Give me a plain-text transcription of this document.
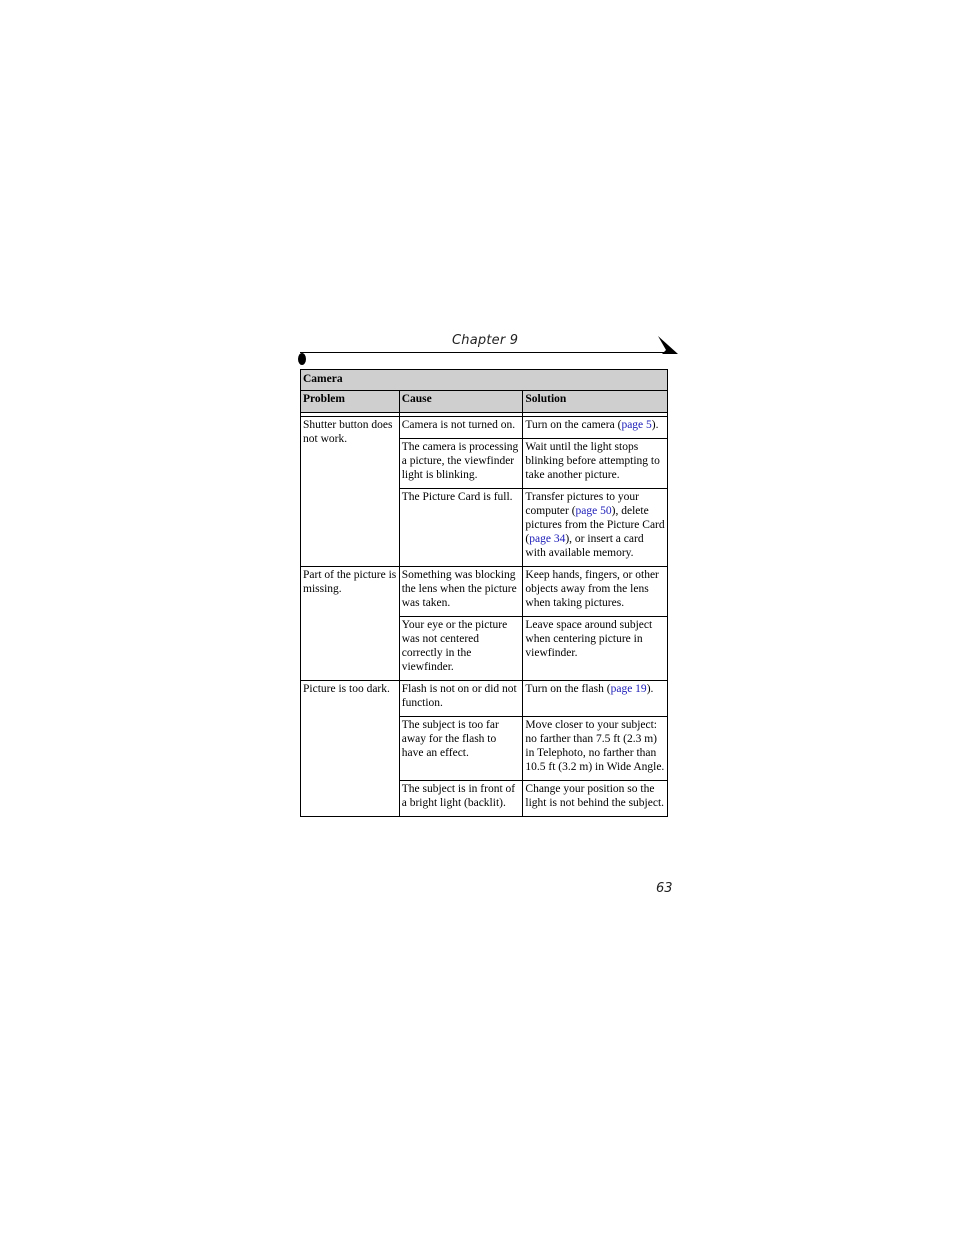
Chapter 9
Camera		
Problem	Cause	Solution

Shutter button does not work.	Camera is not turned on.	Turn on the camera (page 5).
	The camera is processing a picture, the viewfinder light is blinking.	Wait until the light stops blinking before attempting to take another picture.
	The Picture Card is full.	Transfer pictures to your computer (page 50), delete pictures from the Picture Card (page 34), or insert a card with available memory.
Part of the picture is missing.	Something was blocking the lens when the picture was taken.	Keep hands, fingers, or other objects away from the lens when taking pictures.
	Your eye or the picture was not centered correctly in the viewfinder.	Leave space around subject when centering picture in viewfinder.
Picture is too dark.	Flash is not on or did not function.	Turn on the flash (page 19).
	The subject is too far away for the flash to have an effect.	Move closer to your subject: no farther than 7.5 ft (2.3 m) in Telephoto, no farther than 10.5 ft (3.2 m) in Wide Angle.
	The subject is in front of a bright light (backlit).	Change your position so the light is not behind the subject.
63
